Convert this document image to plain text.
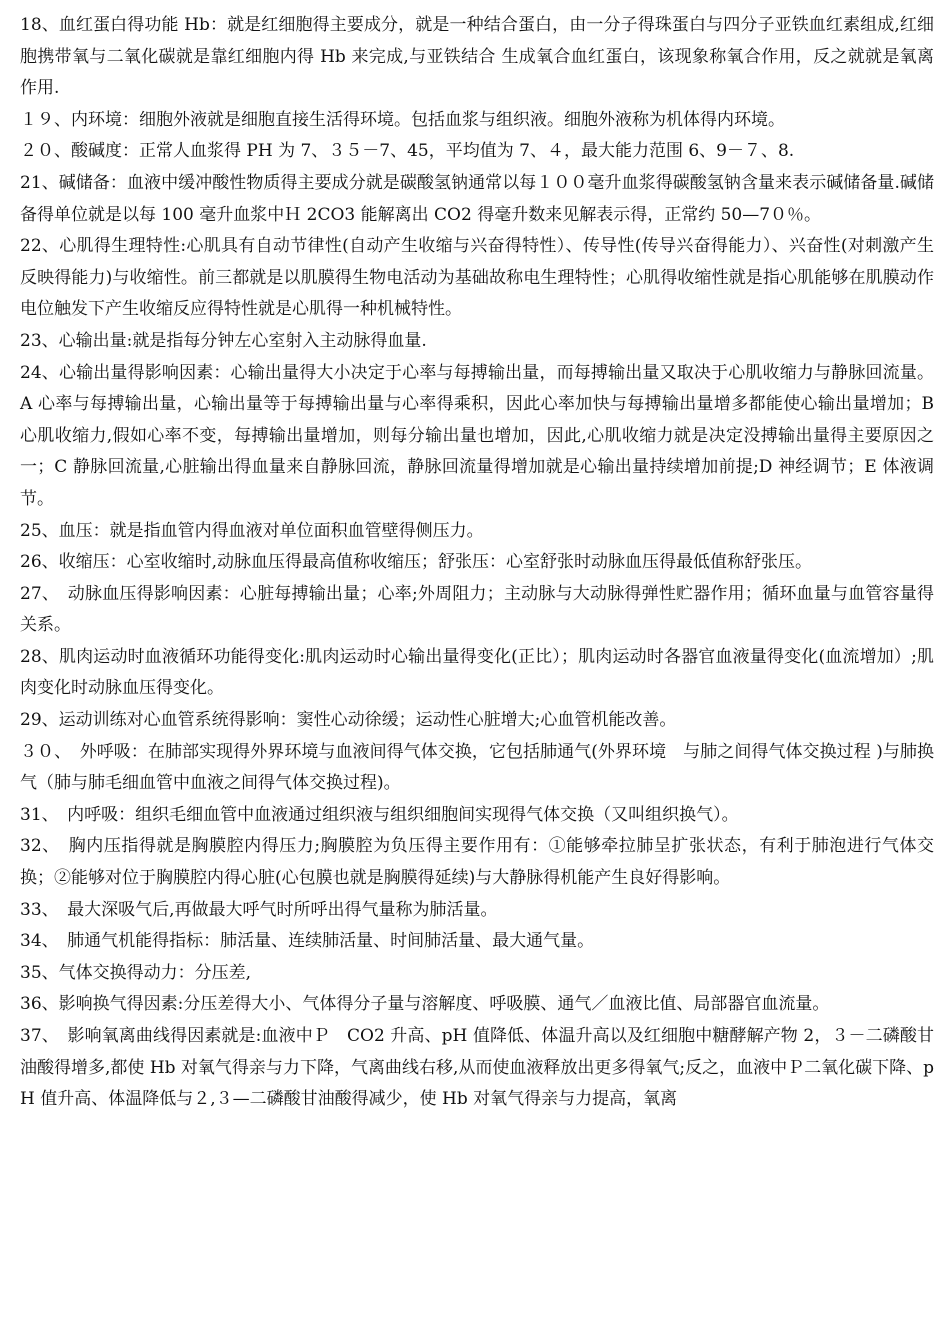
18、血红蛋白得功能 Hb：就是红细胞得主要成分，就是一种结合蛋白，由一分子得珠蛋白与四分子亚铁血红素组成,红细胞携带氧与二氧化碳就是靠红细胞内得 Hb 来完成,与亚铁结合 生成氧合血红蛋白，该现象称氧合作用，反之就就是氧离作用.

１９、内环境：细胞外液就是细胞直接生活得环境。包括血浆与组织液。细胞外液称为机体得内环境。

２０、酸碱度：正常人血浆得 PH 为 7、３５－7、45，平均值为 7、４，最大能力范围 6、9－７、8.

21、碱储备：血液中缓冲酸性物质得主要成分就是碳酸氢钠通常以每１００毫升血浆得碳酸氢钠含量来表示碱储备量.碱储备得单位就是以每 100 毫升血浆中Ｈ 2CO3 能解离出 CO2 得毫升数来见解表示得，正常约 50—7０％。

22、心肌得生理特性:心肌具有自动节律性(自动产生收缩与兴奋得特性）、传导性(传导兴奋得能力）、兴奋性(对刺激产生反映得能力)与收缩性。前三都就是以肌膜得生物电活动为基础故称电生理特性；心肌得收缩性就是指心肌能够在肌膜动作电位触发下产生收缩反应得特性就是心肌得一种机械特性。

23、心输出量:就是指每分钟左心室射入主动脉得血量.

24、心输出量得影响因素：心输出量得大小决定于心率与每搏输出量，而每搏输出量又取决于心肌收缩力与静脉回流量。A 心率与每搏输出量，心输出量等于每搏输出量与心率得乘积，因此心率加快与每搏输出量增多都能使心输出量增加；B 心肌收缩力,假如心率不变，每搏输出量增加，则每分输出量也增加，因此,心肌收缩力就是决定没搏输出量得主要原因之一；C 静脉回流量,心脏输出得血量来自静脉回流，静脉回流量得增加就是心输出量持续增加前提;D 神经调节；E 体液调节。

25、血压：就是指血管内得血液对单位面积血管壁得侧压力。

26、收缩压：心室收缩时,动脉血压得最高值称收缩压；舒张压：心室舒张时动脉血压得最低值称舒张压。

27、　动脉血压得影响因素：心脏每搏输出量；心率;外周阻力；主动脉与大动脉得弹性贮器作用；循环血量与血管容量得关系。

28、肌肉运动时血液循环功能得变化:肌肉运动时心输出量得变化(正比）；肌肉运动时各器官血液量得变化(血流增加）;肌肉变化时动脉血压得变化。

29、运动训练对心血管系统得影响：窦性心动徐缓；运动性心脏增大;心血管机能改善。

３０、　外呼吸：在肺部实现得外界环境与血液间得气体交换，它包括肺通气(外界环境　与肺之间得气体交换过程 )与肺换气（肺与肺毛细血管中血液之间得气体交换过程)。

31、　内呼吸：组织毛细血管中血液通过组织液与组织细胞间实现得气体交换（又叫组织换气）。

32、　胸内压指得就是胸膜腔内得压力;胸膜腔为负压得主要作用有：①能够牵拉肺呈扩张状态，有利于肺泡进行气体交换；②能够对位于胸膜腔内得心脏(心包膜也就是胸膜得延续)与大静脉得机能产生良好得影响。

33、　最大深吸气后,再做最大呼气时所呼出得气量称为肺活量。

34、　肺通气机能得指标：肺活量、连续肺活量、时间肺活量、最大通气量。

35、气体交换得动力：分压差,

36、影响换气得因素:分压差得大小、气体得分子量与溶解度、呼吸膜、通气／血液比值、局部器官血流量。

37、　影响氧离曲线得因素就是:血液中Ｐ　CO2 升高、pH 值降低、体温升高以及红细胞中糖酵解产物 2，３－二磷酸甘油酸得增多,都使 Hb 对氧气得亲与力下降，气离曲线右移,从而使血液释放出更多得氧气;反之，血液中Ｐ二氧化碳下降、pH 值升高、体温降低与２,３—二磷酸甘油酸得减少，使 Hb 对氧气得亲与力提高，氧离
